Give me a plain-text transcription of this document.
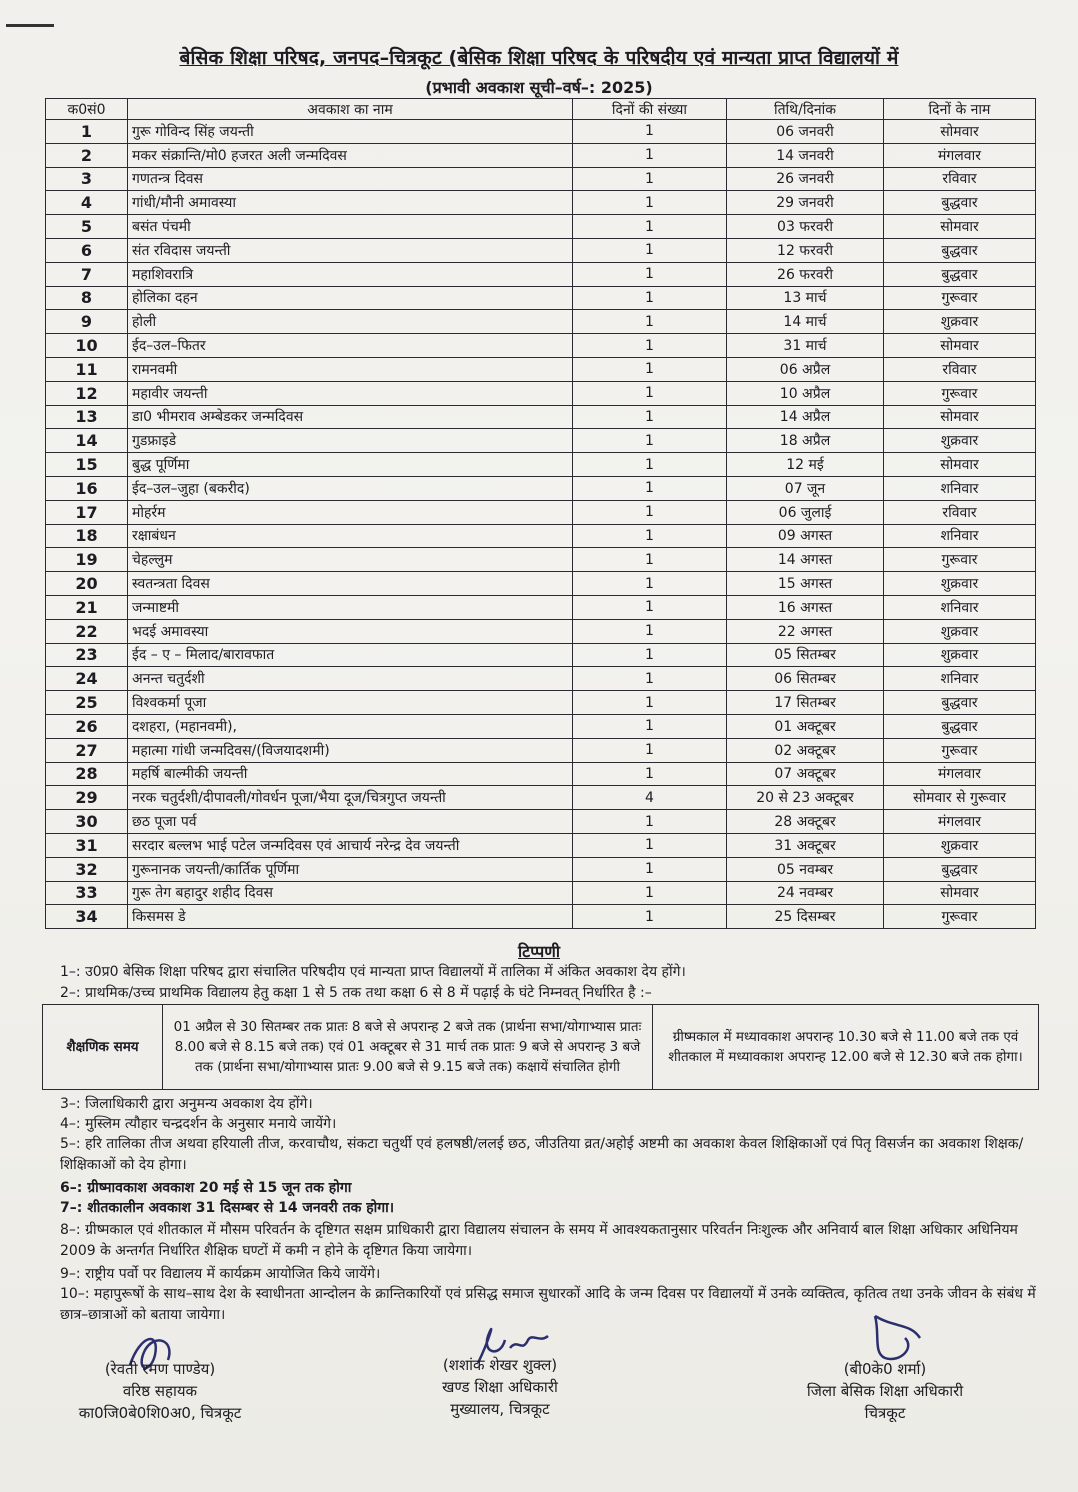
बेसिक शिक्षा परिषद, जनपद–चित्रकूट (बेसिक शिक्षा परिषद के परिषदीय एवं मान्यता प्राप्त विद्यालयों में
(प्रभावी अवकाश सूची–वर्ष–: 2025)
क0सं0	अवकाश का नाम	दिनों की संख्या	तिथि/दिनांक	दिनों के नाम
1	गुरू गोविन्द सिंह जयन्ती	1	06 जनवरी	सोमवार
2	मकर संक्रान्ति/मो0 हजरत अली जन्मदिवस	1	14 जनवरी	मंगलवार
3	गणतन्त्र दिवस	1	26 जनवरी	रविवार
4	गांधी/मौनी अमावस्या	1	29 जनवरी	बुद्धवार
5	बसंत पंचमी	1	03 फरवरी	सोमवार
6	संत रविदास जयन्ती	1	12 फरवरी	बुद्धवार
7	महाशिवरात्रि	1	26 फरवरी	बुद्धवार
8	होलिका दहन	1	13 मार्च	गुरूवार
9	होली	1	14 मार्च	शुक्रवार
10	ईद–उल–फितर	1	31 मार्च	सोमवार
11	रामनवमी	1	06 अप्रैल	रविवार
12	महावीर जयन्ती	1	10 अप्रैल	गुरूवार
13	डा0 भीमराव अम्बेडकर जन्मदिवस	1	14 अप्रैल	सोमवार
14	गुडफ्राइडे	1	18 अप्रैल	शुक्रवार
15	बुद्ध पूर्णिमा	1	12 मई	सोमवार
16	ईद–उल–जुहा (बकरीद)	1	07 जून	शनिवार
17	मोहर्रम	1	06 जुलाई	रविवार
18	रक्षाबंधन	1	09 अगस्त	शनिवार
19	चेहल्लुम	1	14 अगस्त	गुरूवार
20	स्वतन्त्रता दिवस	1	15 अगस्त	शुक्रवार
21	जन्माष्टमी	1	16 अगस्त	शनिवार
22	भदई अमावस्या	1	22 अगस्त	शुक्रवार
23	ईद – ए – मिलाद/बारावफात	1	05 सितम्बर	शुक्रवार
24	अनन्त चतुर्दशी	1	06 सितम्बर	शनिवार
25	विश्वकर्मा पूजा	1	17 सितम्बर	बुद्धवार
26	दशहरा, (महानवमी),	1	01 अक्टूबर	बुद्धवार
27	महात्मा गांधी जन्मदिवस/(विजयादशमी)	1	02 अक्टूबर	गुरूवार
28	महर्षि बाल्मीकी जयन्ती	1	07 अक्टूबर	मंगलवार
29	नरक चतुर्दशी/दीपावली/गोवर्धन पूजा/भैया दूज/चित्रगुप्त जयन्ती	4	20 से 23 अक्टूबर	सोमवार से गुरूवार
30	छठ पूजा पर्व	1	28 अक्टूबर	मंगलवार
31	सरदार बल्लभ भाई पटेल जन्मदिवस एवं आचार्य नरेन्द्र देव जयन्ती	1	31 अक्टूबर	शुक्रवार
32	गुरूनानक जयन्ती/कार्तिक पूर्णिमा	1	05 नवम्बर	बुद्धवार
33	गुरू तेग बहादुर शहीद दिवस	1	24 नवम्बर	सोमवार
34	किसमस डे	1	25 दिसम्बर	गुरूवार
टिप्पणी
1–: उ0प्र0 बेसिक शिक्षा परिषद द्वारा संचालित परिषदीय एवं मान्यता प्राप्त विद्यालयों में तालिका में अंकित अवकाश देय होंगे।
2–: प्राथमिक/उच्च प्राथमिक विद्यालय हेतु कक्षा 1 से 5 तक तथा कक्षा 6 से 8 में पढ़ाई के घंटे निम्नवत् निर्धारित है :–
शैक्षणिक समय	01 अप्रैल से 30 सितम्बर तक प्रातः 8 बजे से अपरान्ह 2 बजे तक (प्रार्थना सभा/योगाभ्यास प्रातः 8.00 बजे से 8.15 बजे तक) एवं 01 अक्टूबर से 31 मार्च तक प्रातः 9 बजे से अपरान्ह 3 बजे तक (प्रार्थना सभा/योगाभ्यास प्रातः 9.00 बजे से 9.15 बजे तक) कक्षायें संचालित होगी	ग्रीष्मकाल में मध्यावकाश अपरान्ह 10.30 बजे से 11.00 बजे तक एवं शीतकाल में मध्यावकाश अपरान्ह 12.00 बजे से 12.30 बजे तक होगा।
3–: जिलाधिकारी द्वारा अनुमन्य अवकाश देय होंगे।
4–: मुस्लिम त्यौहार चन्द्रदर्शन के अनुसार मनाये जायेंगे।
5–: हरि तालिका तीज अथवा हरियाली तीज, करवाचौथ, संकटा चतुर्थी एवं हलषष्ठी/ललई छठ, जीउतिया व्रत/अहोई अष्टमी का अवकाश केवल शिक्षिकाओं एवं पितृ विसर्जन का अवकाश शिक्षक/शिक्षिकाओं को देय होगा।
6–: ग्रीष्मावकाश अवकाश 20 मई से 15 जून तक होगा
7–: शीतकालीन अवकाश 31 दिसम्बर से 14 जनवरी तक होगा।
8–: ग्रीष्मकाल एवं शीतकाल में मौसम परिवर्तन के दृष्टिगत सक्षम प्राधिकारी द्वारा विद्यालय संचालन के समय में आवश्यकतानुसार परिवर्तन निःशुल्क और अनिवार्य बाल शिक्षा अधिकार अधिनियम 2009 के अन्तर्गत निर्धारित शैक्षिक घण्टों में कमी न होने के दृष्टिगत किया जायेगा।
9–: राष्ट्रीय पर्वो पर विद्यालय में कार्यक्रम आयोजित किये जायेंगे।
10–: महापुरूषों के साथ–साथ देश के स्वाधीनता आन्दोलन के क्रान्तिकारियों एवं प्रसिद्ध समाज सुधारकों आदि के जन्म दिवस पर विद्यालयों में उनके व्यक्तित्व, कृतित्व तथा उनके जीवन के संबंध में छात्र–छात्राओं को बताया जायेगा।
(रेवती रमण पाण्डेय)
वरिष्ठ सहायक
का0जि0बे0शि0अ0, चित्रकूट
(शशांक शेखर शुक्ल)
खण्ड शिक्षा अधिकारी
मुख्यालय, चित्रकूट
(बी0के0 शर्मा)
जिला बेसिक शिक्षा अधिकारी
चित्रकूट
